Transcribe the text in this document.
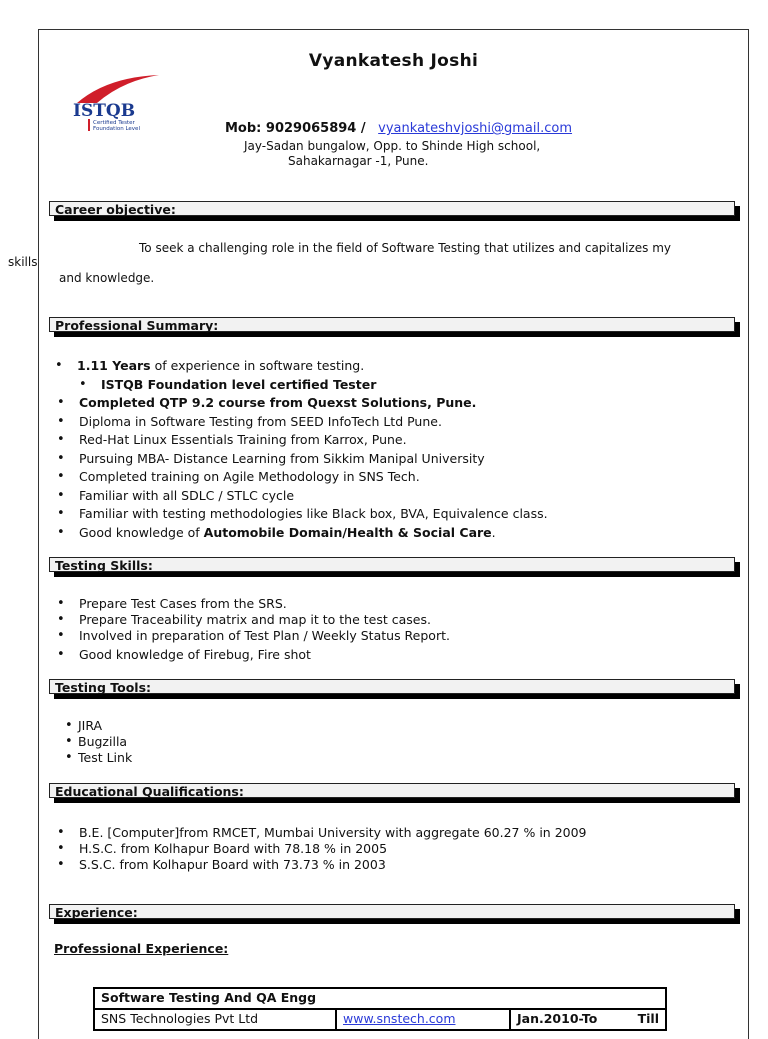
Vyankatesh Joshi
ISTQB
Certified Tester
Foundation Level	Mob: 9029065894 / vyankateshvjoshi@gmail.com
Jay-Sadan bungalow, Opp. to Shinde High school,
Sahakarnagar -1, Pune.
Career objective:
To seek a challenging role in the field of Software Testing that utilizes and capitalizes my
and knowledge.
Professional Summary:
• 1.11 Years of experience in software testing.
• ISTQB Foundation level certified Tester
• Completed QTP 9.2 course from Quexst Solutions, Pune.
• Diploma in Software Testing from SEED InfoTech Ltd Pune.
• Red-Hat Linux Essentials Training from Karrox, Pune.
• Pursuing MBA- Distance Learning from Sikkim Manipal University
• Completed training on Agile Methodology in SNS Tech.
• Familiar with all SDLC / STLC cycle
• Familiar with testing methodologies like Black box, BVA, Equivalence class.
• Good knowledge of Automobile Domain/Health & Social Care.
Testing Skills:
• Prepare Test Cases from the SRS.
• Prepare Traceability matrix and map it to the test cases.
• Involved in preparation of Test Plan / Weekly Status Report.
• Good knowledge of Firebug, Fire shot
Testing Tools:
• JIRA
• Bugzilla
• Test Link
Educational Qualifications:
• B.E. [Computer]from RMCET, Mumbai University with aggregate 60.27 % in 2009
• H.S.C. from Kolhapur Board with 78.18 % in 2005
• S.S.C. from Kolhapur Board with 73.73 % in 2003
Experience:
Professional Experience:
Software Testing And QA Engg
SNS Technologies Pvt Ltd	www.snstech.com	Jan.2010-To	Till
skills
